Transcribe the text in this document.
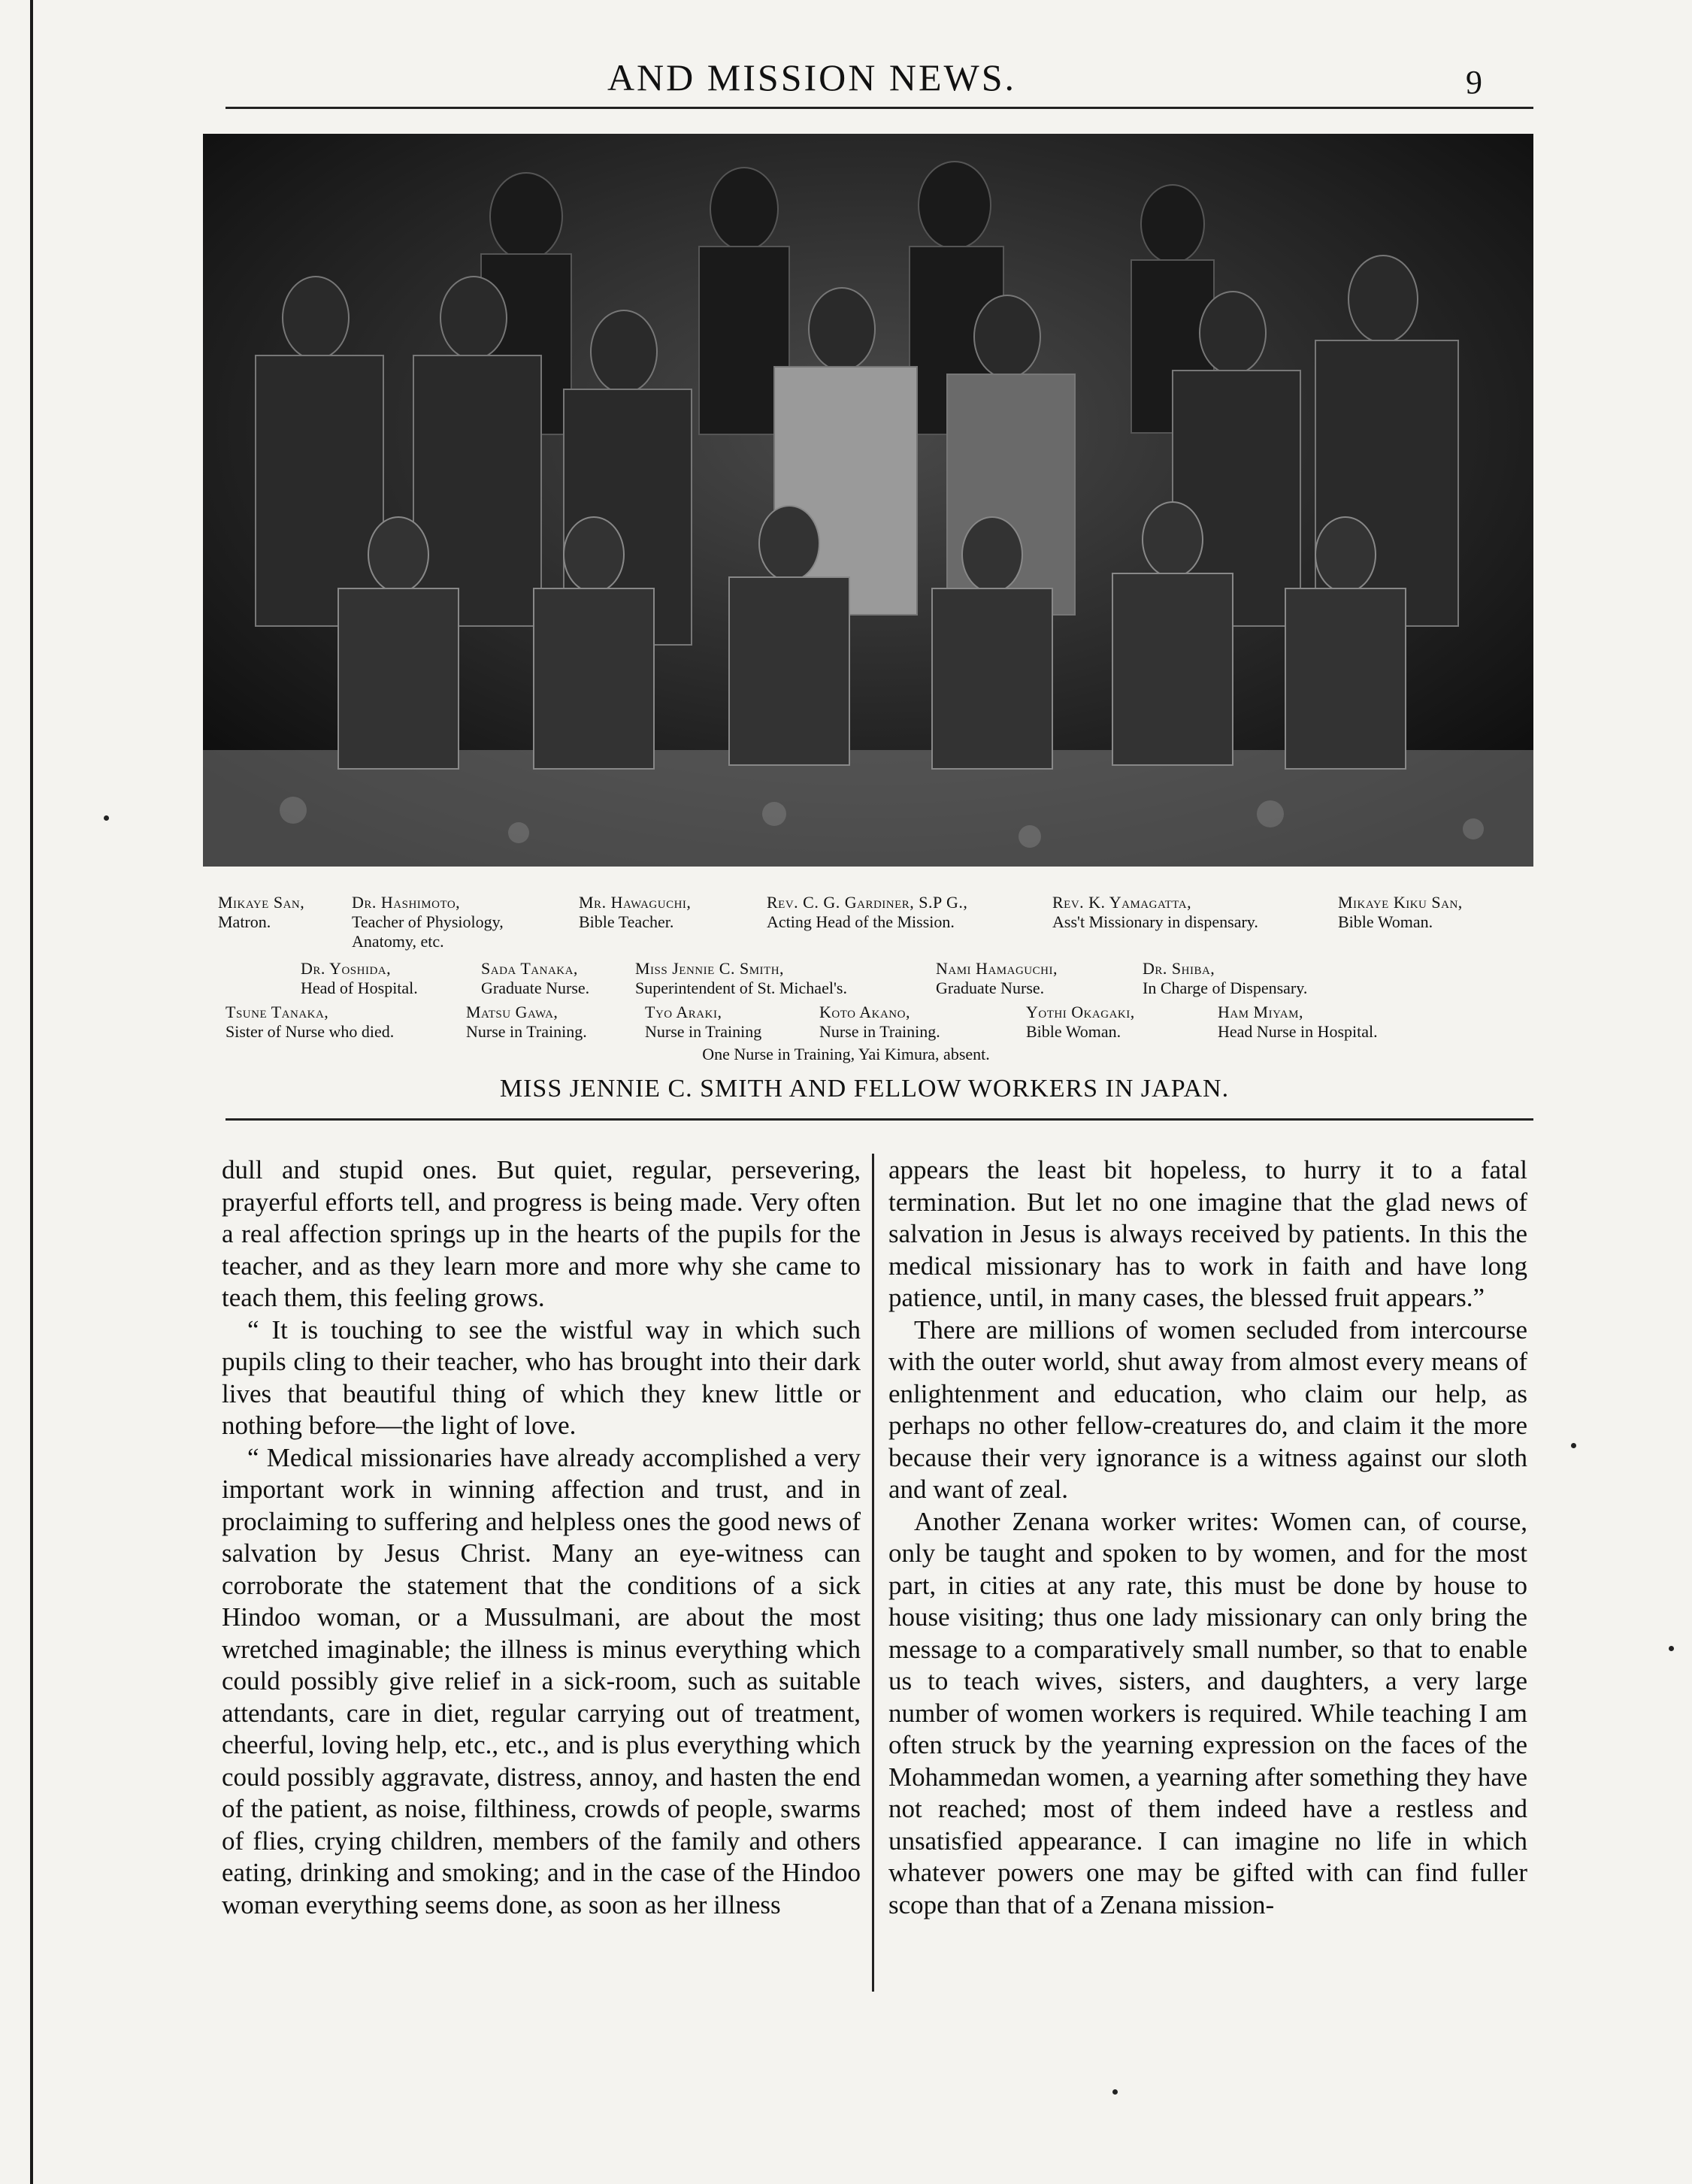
AND MISSION NEWS.	9
Mikaye San,
Matron.
Dr. Hashimoto,
Teacher of Physiology, Anatomy, etc.
Mr. Hawaguchi,
Bible Teacher.
Rev. C. G. Gardiner, S.P G.,
Acting Head of the Mission.
Rev. K. Yamagatta,
Ass't Missionary in dispensary.
Mikaye Kiku San,
Bible Woman.
Dr. Yoshida,
Head of Hospital.
Sada Tanaka,
Graduate Nurse.
Miss Jennie C. Smith,
Superintendent of St. Michael's.
Nami Hamaguchi,
Graduate Nurse.
Dr. Shiba,
In Charge of Dispensary.
Tsune Tanaka,
Sister of Nurse who died.
Matsu Gawa,
Nurse in Training.
Tyo Araki,
Nurse in Training
Koto Akano,
Nurse in Training.
Yothi Okagaki,
Bible Woman.
Ham Miyam,
Head Nurse in Hospital.
One Nurse in Training, Yai Kimura, absent.
MISS JENNIE C. SMITH AND FELLOW WORKERS IN JAPAN.

dull and stupid ones. But quiet, regular, persevering, prayerful efforts tell, and progress is being made. Very often a real affection springs up in the hearts of the pupils for the teacher, and as they learn more and more why she came to teach them, this feeling grows.

“ It is touching to see the wistful way in which such pupils cling to their teacher, who has brought into their dark lives that beautiful thing of which they knew little or nothing before—the light of love.

“ Medical missionaries have already accomplished a very important work in winning affection and trust, and in proclaiming to suffering and helpless ones the good news of salvation by Jesus Christ. Many an eye-witness can corroborate the statement that the conditions of a sick Hindoo woman, or a Mussulmani, are about the most wretched imaginable; the illness is minus everything which could possibly give relief in a sick-room, such as suitable attendants, care in diet, regular carrying out of treatment, cheerful, loving help, etc., etc., and is plus everything which could possibly aggravate, distress, annoy, and hasten the end of the patient, as noise, filthiness, crowds of people, swarms of flies, crying children, members of the family and others eating, drinking and smoking; and in the case of the Hindoo woman everything seems done, as soon as her illness

appears the least bit hopeless, to hurry it to a fatal termination. But let no one imagine that the glad news of salvation in Jesus is always received by patients. In this the medical missionary has to work in faith and have long patience, until, in many cases, the blessed fruit appears.”

There are millions of women secluded from intercourse with the outer world, shut away from almost every means of enlightenment and education, who claim our help, as perhaps no other fellow-creatures do, and claim it the more because their very ignorance is a witness against our sloth and want of zeal.

Another Zenana worker writes: Women can, of course, only be taught and spoken to by women, and for the most part, in cities at any rate, this must be done by house to house visiting; thus one lady missionary can only bring the message to a comparatively small number, so that to enable us to teach wives, sisters, and daughters, a very large number of women workers is required. While teaching I am often struck by the yearning expression on the faces of the Mohammedan women, a yearning after something they have not reached; most of them indeed have a restless and unsatisfied appearance. I can imagine no life in which whatever powers one may be gifted with can find fuller scope than that of a Zenana mission-
